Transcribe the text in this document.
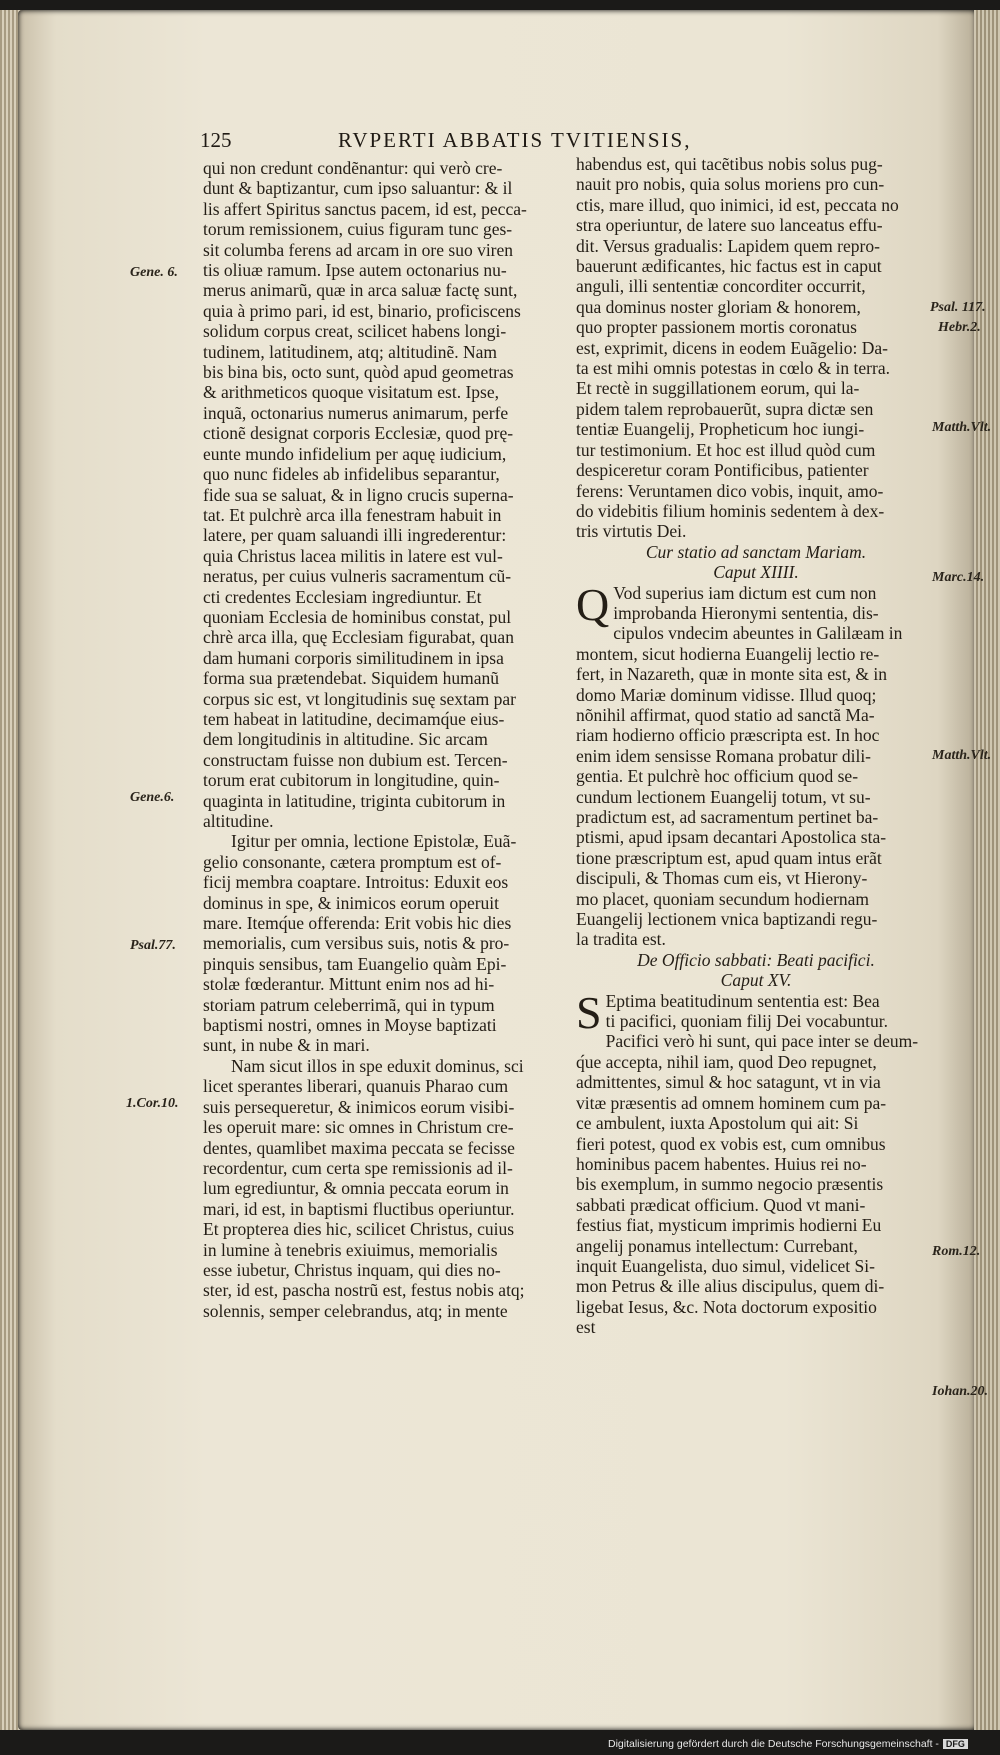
125	RVPERTI ABBATIS TVITIENSIS,
qui non credunt condẽnantur: qui verò cre-
dunt & baptizantur, cum ipso saluantur: & il
lis affert Spiritus sanctus pacem, id est, pecca-
torum remissionem, cuius figuram tunc ges-
sit columba ferens ad arcam in ore suo viren
tis oliuæ ramum. Ipse autem octonarius nu-
merus animarũ, quæ in arca saluæ factę sunt,
quia à primo pari, id est, binario, proficiscens
solidum corpus creat, scilicet habens longi-
tudinem, latitudinem, atq; altitudinẽ. Nam
bis bina bis, octo sunt, quòd apud geometras
& arithmeticos quoque visitatum est. Ipse,
inquã, octonarius numerus animarum, perfe
ctionẽ designat corporis Ecclesiæ, quod prę-
eunte mundo infidelium per aquę iudicium,
quo nunc fideles ab infidelibus separantur,
fide sua se saluat, & in ligno crucis superna-
tat. Et pulchrè arca illa fenestram habuit in
latere, per quam saluandi illi ingrederentur:
quia Christus lacea militis in latere est vul-
neratus, per cuius vulneris sacramentum cũ-
cti credentes Ecclesiam ingrediuntur. Et
quoniam Ecclesia de hominibus constat, pul
chrè arca illa, quę Ecclesiam figurabat, quan
dam humani corporis similitudinem in ipsa
forma sua prætendebat. Siquidem humanũ
corpus sic est, vt longitudinis suę sextam par
tem habeat in latitudine, decimamq́ue eius-
dem longitudinis in altitudine. Sic arcam
constructam fuisse non dubium est. Tercen-
torum erat cubitorum in longitudine, quin-
quaginta in latitudine, triginta cubitorum in
altitudine.
Igitur per omnia, lectione Epistolæ, Euã-
gelio consonante, cætera promptum est of-
ficij membra coaptare. Introitus: Eduxit eos
dominus in spe, & inimicos eorum operuit
mare. Itemq́ue offerenda: Erit vobis hic dies
memorialis, cum versibus suis, notis & pro-
pinquis sensibus, tam Euangelio quàm Epi-
stolæ fœderantur. Mittunt enim nos ad hi-
storiam patrum celeberrimã, qui in typum
baptismi nostri, omnes in Moyse baptizati
sunt, in nube & in mari.
Nam sicut illos in spe eduxit dominus, sci
licet sperantes liberari, quanuis Pharao cum
suis persequeretur, & inimicos eorum visibi-
les operuit mare: sic omnes in Christum cre-
dentes, quamlibet maxima peccata se fecisse
recordentur, cum certa spe remissionis ad il-
lum egrediuntur, & omnia peccata eorum in
mari, id est, in baptismi fluctibus operiuntur.
Et propterea dies hic, scilicet Christus, cuius
in lumine à tenebris exiuimus, memorialis
esse iubetur, Christus inquam, qui dies no-
ster, id est, pascha nostrũ est, festus nobis atq;
solennis, semper celebrandus, atq; in mente
habendus est, qui tacẽtibus nobis solus pug-
nauit pro nobis, quia solus moriens pro cun-
ctis, mare illud, quo inimici, id est, peccata no
stra operiuntur, de latere suo lanceatus effu-
dit. Versus gradualis: Lapidem quem repro-
bauerunt ædificantes, hic factus est in caput
anguli, illi sententiæ concorditer occurrit,
qua dominus noster gloriam & honorem,
quo propter passionem mortis coronatus
est, exprimit, dicens in eodem Euãgelio: Da-
ta est mihi omnis potestas in cœlo & in terra.
Et rectè in suggillationem eorum, qui la-
pidem talem reprobauerũt, supra dictæ sen
tentiæ Euangelij, Propheticum hoc iungi-
tur testimonium. Et hoc est illud quòd cum
despiceretur coram Pontificibus, patienter
ferens: Veruntamen dico vobis, inquit, amo-
do videbitis filium hominis sedentem à dex-
tris virtutis Dei.
Cur statio ad sanctam Mariam.
Caput XIIII.
Q Vod superius iam dictum est cum non
improbanda Hieronymi sententia, dis-
cipulos vndecim abeuntes in Galilæam in
montem, sicut hodierna Euangelij lectio re-
fert, in Nazareth, quæ in monte sita est, & in
domo Mariæ dominum vidisse. Illud quoq;
nõnihil affirmat, quod statio ad sanctã Ma-
riam hodierno officio præscripta est. In hoc
enim idem sensisse Romana probatur dili-
gentia. Et pulchrè hoc officium quod se-
cundum lectionem Euangelij totum, vt su-
pradictum est, ad sacramentum pertinet ba-
ptismi, apud ipsam decantari Apostolica sta-
tione præscriptum est, apud quam intus erãt
discipuli, & Thomas cum eis, vt Hierony-
mo placet, quoniam secundum hodiernam
Euangelij lectionem vnica baptizandi regu-
la tradita est.
De Officio sabbati: Beati pacifici.
Caput XV.
S Eptima beatitudinum sententia est: Bea
ti pacifici, quoniam filij Dei vocabuntur.
Pacifici verò hi sunt, qui pace inter se deum-
q́ue accepta, nihil iam, quod Deo repugnet,
admittentes, simul & hoc satagunt, vt in via
vitæ præsentis ad omnem hominem cum pa-
ce ambulent, iuxta Apostolum qui ait: Si
fieri potest, quod ex vobis est, cum omnibus
hominibus pacem habentes. Huius rei no-
bis exemplum, in summo negocio præsentis
sabbati prædicat officium. Quod vt mani-
festius fiat, mysticum imprimis hodierni Eu
angelij ponamus intellectum: Currebant,
inquit Euangelista, duo simul, videlicet Si-
mon Petrus & ille alius discipulus, quem di-
ligebat Iesus, &c. Nota doctorum expositio
est
Gene. 6.
Gene.6.
Psal.77.
1.Cor.10.
Psal. 117.
Hebr.2.
Matth.Vlt.
Marc.14.
Matth.Vlt.
Rom.12.
Iohan.20.
Digitalisierung gefördert durch die Deutsche Forschungsgemeinschaft - DFG
